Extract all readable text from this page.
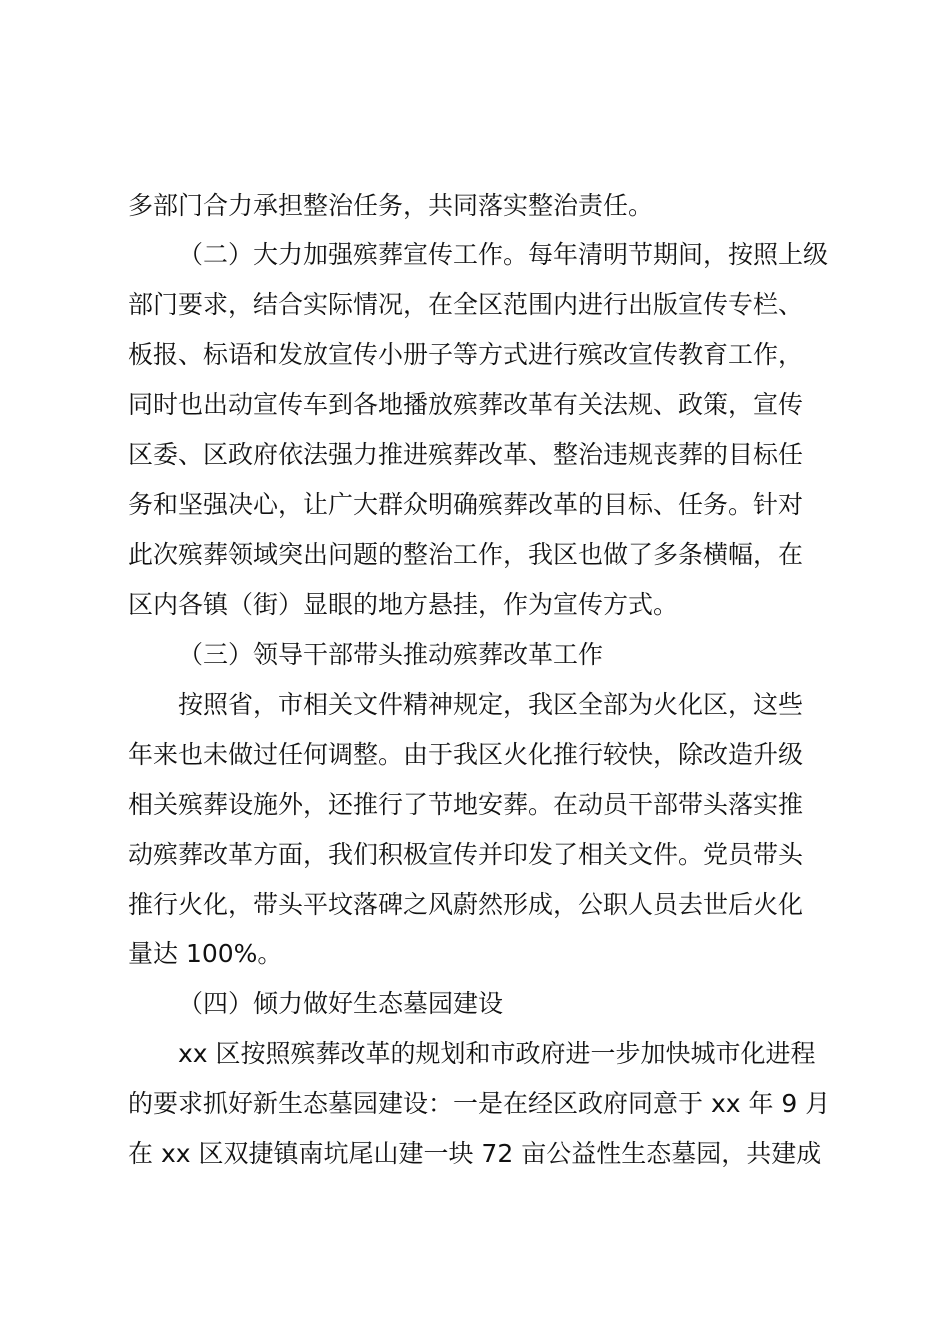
多部门合力承担整治任务，共同落实整治责任。
（二）大力加强殡葬宣传工作。每年清明节期间，按照上级
部门要求，结合实际情况，在全区范围内进行出版宣传专栏、
板报、标语和发放宣传小册子等方式进行殡改宣传教育工作，
同时也出动宣传车到各地播放殡葬改革有关法规、政策，宣传
区委、区政府依法强力推进殡葬改革、整治违规丧葬的目标任
务和坚强决心，让广大群众明确殡葬改革的目标、任务。针对
此次殡葬领域突出问题的整治工作，我区也做了多条横幅，在
区内各镇（街）显眼的地方悬挂，作为宣传方式。
（三）领导干部带头推动殡葬改革工作
按照省，市相关文件精神规定，我区全部为火化区，这些
年来也未做过任何调整。由于我区火化推行较快，除改造升级
相关殡葬设施外，还推行了节地安葬。在动员干部带头落实推
动殡葬改革方面，我们积极宣传并印发了相关文件。党员带头
推行火化，带头平坟落碑之风蔚然形成，公职人员去世后火化
量达 100%。
（四）倾力做好生态墓园建设
xx 区按照殡葬改革的规划和市政府进一步加快城市化进程
的要求抓好新生态墓园建设：一是在经区政府同意于 xx 年 9 月
在 xx 区双捷镇南坑尾山建一块 72 亩公益性生态墓园，共建成
